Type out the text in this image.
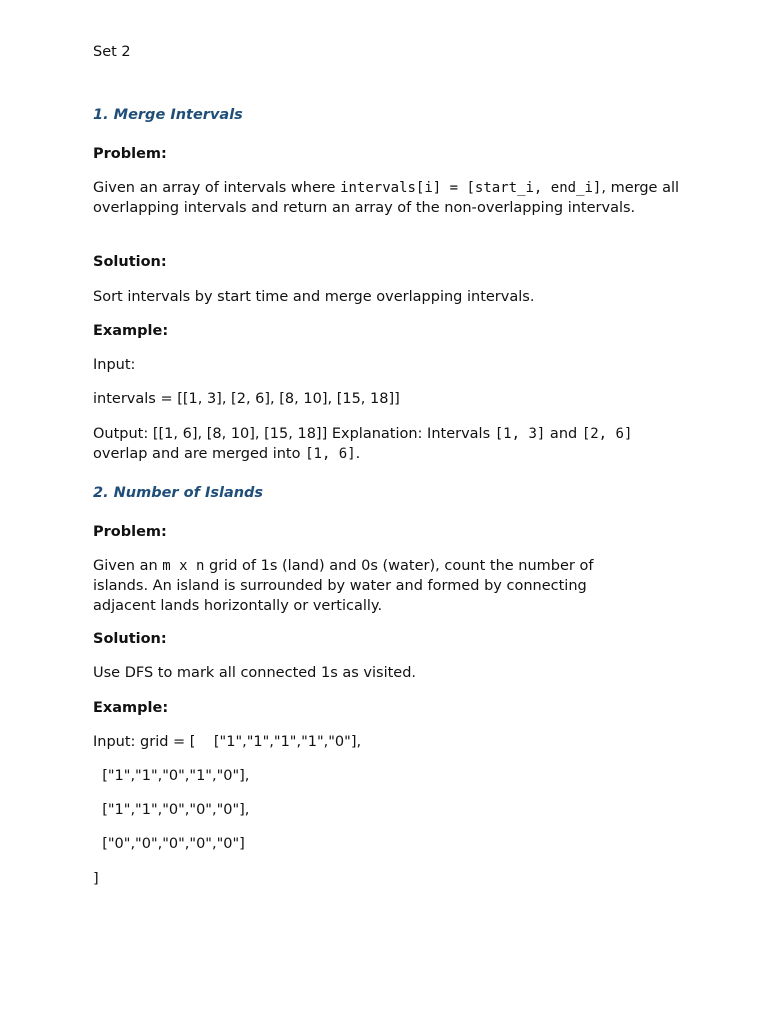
Set 2
1. Merge Intervals
Problem:
Given an array of intervals where intervals[i] = [start_i, end_i], merge all overlapping intervals and return an array of the non-overlapping intervals.
Solution:
Sort intervals by start time and merge overlapping intervals.
Example:
Input:
intervals = [[1, 3], [2, 6], [8, 10], [15, 18]]
Output: [[1, 6], [8, 10], [15, 18]] Explanation: Intervals [1, 3] and [2, 6] overlap and are merged into [1, 6].
2. Number of Islands
Problem:
Given an m x n grid of 1s (land) and 0s (water), count the number of islands. An island is surrounded by water and formed by connecting adjacent lands horizontally or vertically.
Solution:
Use DFS to mark all connected 1s as visited.
Example:
Input: grid = [    ["1","1","1","1","0"],
["1","1","0","1","0"],
["1","1","0","0","0"],
["0","0","0","0","0"]
]
